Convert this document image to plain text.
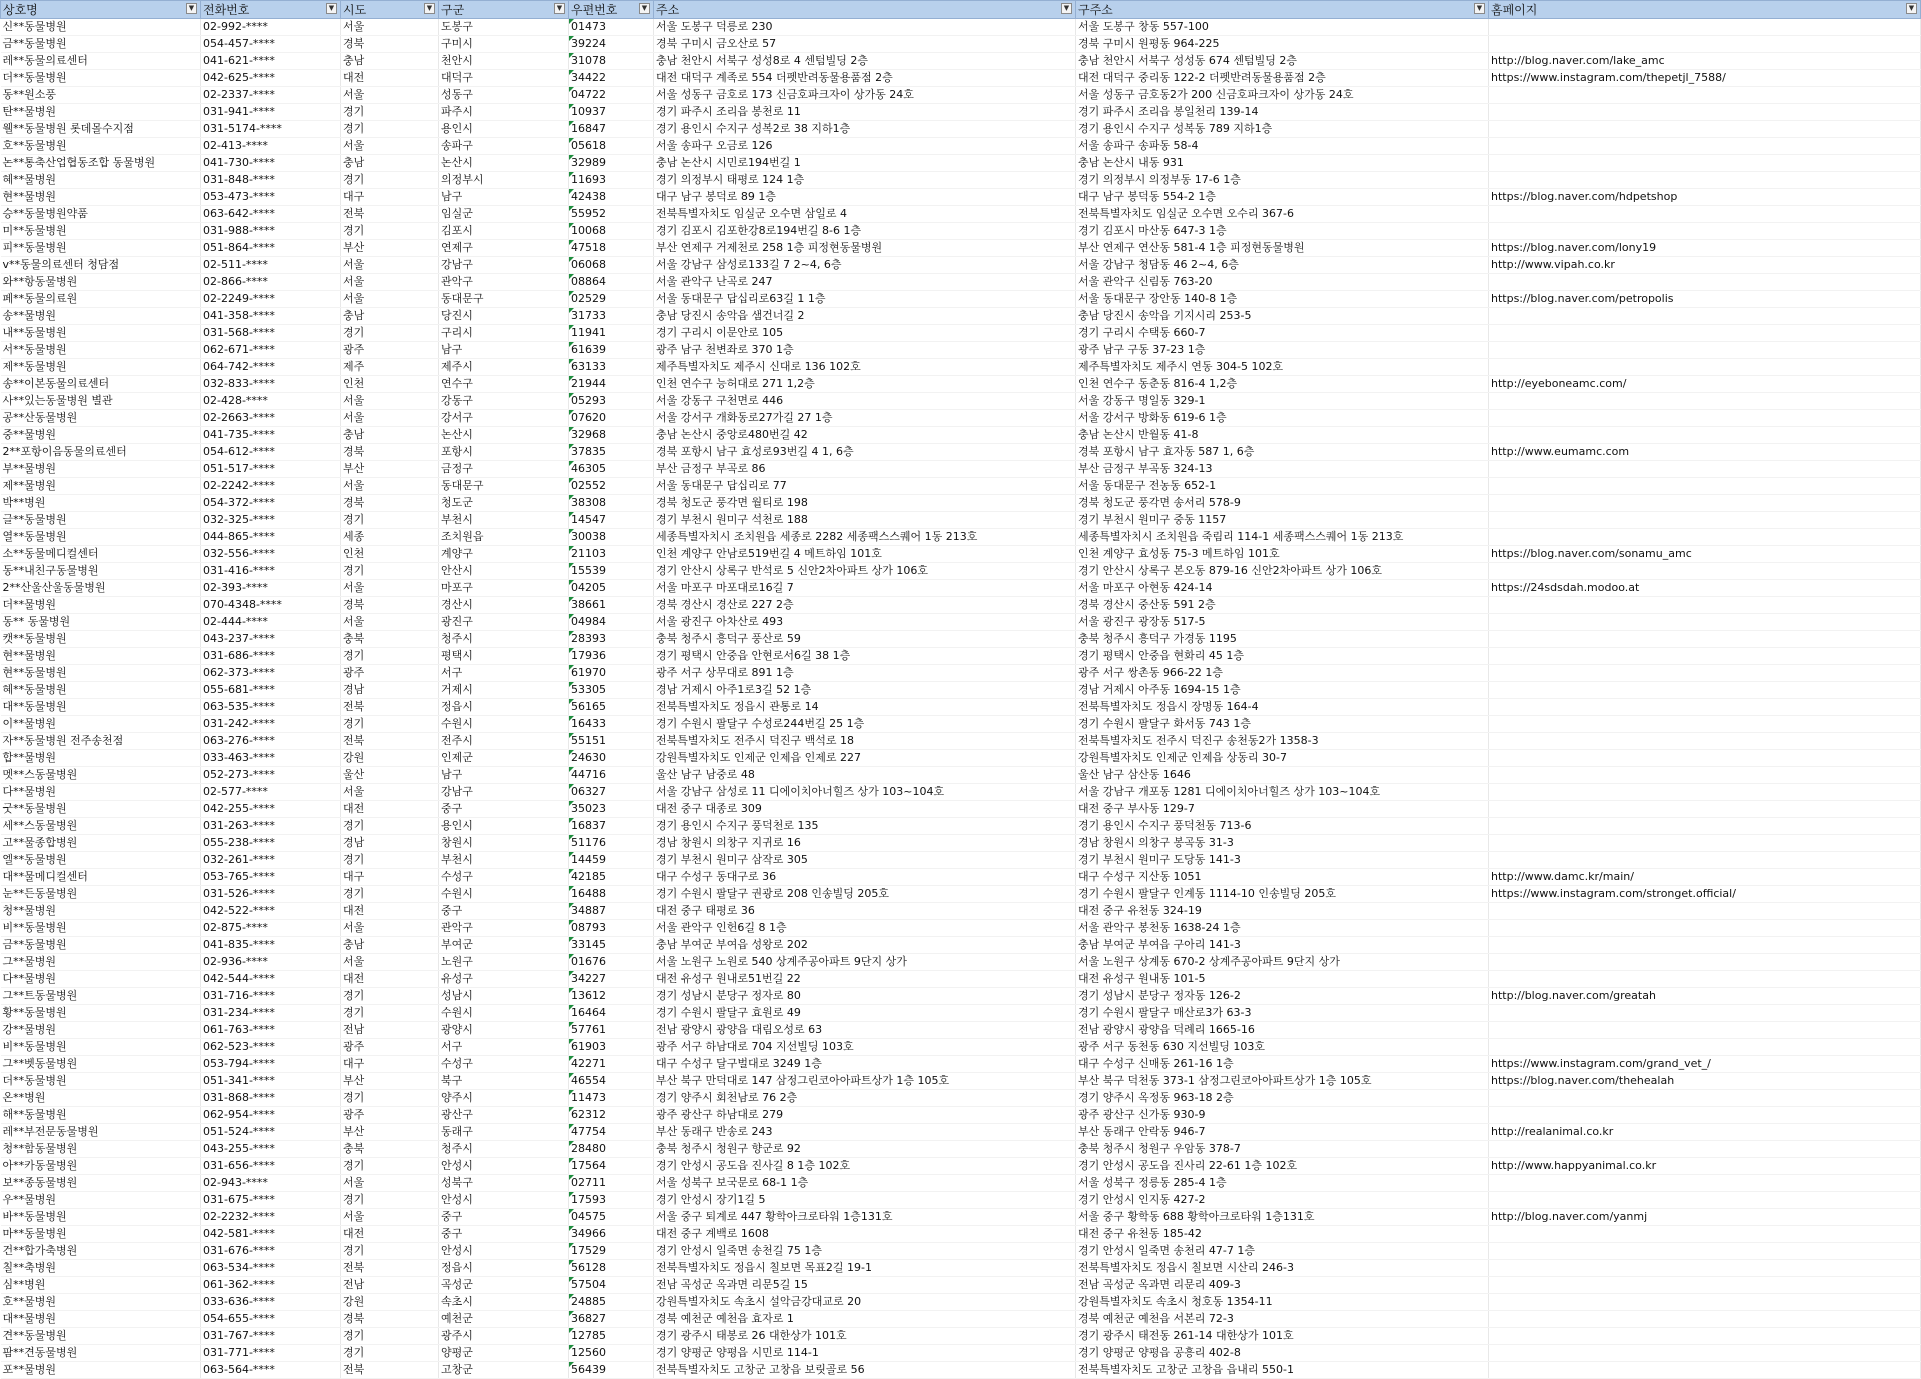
상호명 ▼	전화번호 ▼	시도 ▼	구군 ▼	우편번호 ▼	주소 ▼	구주소 ▼	홈페이지 ▼

신**동물병원	02-992-****	서울	도봉구	01473	서울 도봉구 덕릉로 230	서울 도봉구 창동 557-100	
금**동물병원	054-457-****	경북	구미시	39224	경북 구미시 금오산로 57	경북 구미시 원평동 964-225	
레**동물의료센터	041-621-****	충남	천안시	31078	충남 천안시 서북구 성성8로 4 센텀빌딩 2층	충남 천안시 서북구 성성동 674 센텀빌딩 2층	http://blog.naver.com/lake_amc
더**동물병원	042-625-****	대전	대덕구	34422	대전 대덕구 계족로 554 더펫반려동물용품점 2층	대전 대덕구 중리동 122-2 더펫반려동물용품점 2층	https://www.instagram.com/thepetjl_7588/
동**원소풍	02-2337-****	서울	성동구	04722	서울 성동구 금호로 173 신금호파크자이 상가동 24호	서울 성동구 금호동2가 200 신금호파크자이 상가동 24호	
탄**물병원	031-941-****	경기	파주시	10937	경기 파주시 조리읍 봉천로 11	경기 파주시 조리읍 봉일천리 139-14	
웰**동물병원 롯데몰수지점	031-5174-****	경기	용인시	16847	경기 용인시 수지구 성복2로 38 지하1층	경기 용인시 수지구 성복동 789 지하1층	
호**동물병원	02-413-****	서울	송파구	05618	서울 송파구 오금로 126	서울 송파구 송파동 58-4	
논**통축산업협동조합 동물병원	041-730-****	충남	논산시	32989	충남 논산시 시민로194번길 1	충남 논산시 내동 931	
혜**물병원	031-848-****	경기	의정부시	11693	경기 의정부시 태평로 124 1층	경기 의정부시 의정부동 17-6 1층	
현**물병원	053-473-****	대구	남구	42438	대구 남구 봉덕로 89 1층	대구 남구 봉덕동 554-2 1층	https://blog.naver.com/hdpetshop
승**동물병원약품	063-642-****	전북	임실군	55952	전북특별자치도 임실군 오수면 삼일로 4	전북특별자치도 임실군 오수면 오수리 367-6	
미**동물병원	031-988-****	경기	김포시	10068	경기 김포시 김포한강8로194번길 8-6 1층	경기 김포시 마산동 647-3 1층	
피**동물병원	051-864-****	부산	연제구	47518	부산 연제구 거제천로 258 1층 피정현동물병원	부산 연제구 연산동 581-4 1층 피정현동물병원	https://blog.naver.com/lony19
v**동물의료센터 청담점	02-511-****	서울	강남구	06068	서울 강남구 삼성로133길 7 2~4, 6층	서울 강남구 청담동 46 2~4, 6층	http://www.vipah.co.kr
와**항동물병원	02-866-****	서울	관악구	08864	서울 관악구 난곡로 247	서울 관악구 신림동 763-20	
페**동물의료원	02-2249-****	서울	동대문구	02529	서울 동대문구 답십리로63길 1 1층	서울 동대문구 장안동 140-8 1층	https://blog.naver.com/petropolis
송**물병원	041-358-****	충남	당진시	31733	충남 당진시 송악읍 샘건너길 2	충남 당진시 송악읍 기지시리 253-5	
내**동물병원	031-568-****	경기	구리시	11941	경기 구리시 이문안로 105	경기 구리시 수택동 660-7	
서**동물병원	062-671-****	광주	남구	61639	광주 남구 천변좌로 370 1층	광주 남구 구동 37-23 1층	
제**동물병원	064-742-****	제주	제주시	63133	제주특별자치도 제주시 신대로 136 102호	제주특별자치도 제주시 연동 304-5 102호	
송**이본동물의료센터	032-833-****	인천	연수구	21944	인천 연수구 능허대로 271 1,2층	인천 연수구 동춘동 816-4 1,2층	http://eyeboneamc.com/
사**있는동물병원 별관	02-428-****	서울	강동구	05293	서울 강동구 구천면로 446	서울 강동구 명일동 329-1	
공**산동물병원	02-2663-****	서울	강서구	07620	서울 강서구 개화동로27가길 27 1층	서울 강서구 방화동 619-6 1층	
중**물병원	041-735-****	충남	논산시	32968	충남 논산시 중앙로480번길 42	충남 논산시 반월동 41-8	
2**포항이음동물의료센터	054-612-****	경북	포항시	37835	경북 포항시 남구 효성로93번길 4 1, 6층	경북 포항시 남구 효자동 587 1, 6층	http://www.eumamc.com
부**물병원	051-517-****	부산	금정구	46305	부산 금정구 부곡로 86	부산 금정구 부곡동 324-13	
제**물병원	02-2242-****	서울	동대문구	02552	서울 동대문구 답십리로 77	서울 동대문구 전농동 652-1	
박**병원	054-372-****	경북	청도군	38308	경북 청도군 풍각면 월티로 198	경북 청도군 풍각면 송서리 578-9	
글**동물병원	032-325-****	경기	부천시	14547	경기 부천시 원미구 석천로 188	경기 부천시 원미구 중동 1157	
열**동물병원	044-865-****	세종	조치원읍	30038	세종특별자치시 조치원읍 세종로 2282 세종팩스스퀘어 1동 213호	세종특별자치시 조치원읍 죽림리 114-1 세종팩스스퀘어 1동 213호	
소**동물메디컬센터	032-556-****	인천	계양구	21103	인천 계양구 안남로519번길 4 메트하임 101호	인천 계양구 효성동 75-3 메트하임 101호	https://blog.naver.com/sonamu_amc
동**내친구동물병원	031-416-****	경기	안산시	15539	경기 안산시 상록구 반석로 5 신안2차아파트 상가 106호	경기 안산시 상록구 본오동 879-16 신안2차아파트 상가 106호	
2**산울산울동물병원	02-393-****	서울	마포구	04205	서울 마포구 마포대로16길 7	서울 마포구 아현동 424-14	https://24sdsdah.modoo.at
더**물병원	070-4348-****	경북	경산시	38661	경북 경산시 경산로 227 2층	경북 경산시 중산동 591 2층	
동** 동물병원	02-444-****	서울	광진구	04984	서울 광진구 아차산로 493	서울 광진구 광장동 517-5	
캣**동물병원	043-237-****	충북	청주시	28393	충북 청주시 흥덕구 풍산로 59	충북 청주시 흥덕구 가경동 1195	
현**물병원	031-686-****	경기	평택시	17936	경기 평택시 안중읍 안현로서6길 38 1층	경기 평택시 안중읍 현화리 45 1층	
현**동물병원	062-373-****	광주	서구	61970	광주 서구 상무대로 891 1층	광주 서구 쌍촌동 966-22 1층	
혜**동물병원	055-681-****	경남	거제시	53305	경남 거제시 아주1로3길 52 1층	경남 거제시 아주동 1694-15 1층	
대**동물병원	063-535-****	전북	정읍시	56165	전북특별자치도 정읍시 관통로 14	전북특별자치도 정읍시 장명동 164-4	
이**물병원	031-242-****	경기	수원시	16433	경기 수원시 팔달구 수성로244번길 25 1층	경기 수원시 팔달구 화서동 743 1층	
자**동물병원 전주송천점	063-276-****	전북	전주시	55151	전북특별자치도 전주시 덕진구 백석로 18	전북특별자치도 전주시 덕진구 송천동2가 1358-3	
합**물병원	033-463-****	강원	인제군	24630	강원특별자치도 인제군 인제읍 인제로 227	강원특별자치도 인제군 인제읍 상동리 30-7	
멧**스동물병원	052-273-****	울산	남구	44716	울산 남구 남중로 48	울산 남구 삼산동 1646	
다**물병원	02-577-****	서울	강남구	06327	서울 강남구 삼성로 11 디에이치아너힐즈 상가 103~104호	서울 강남구 개포동 1281 디에이치아너힐즈 상가 103~104호	
굿**동물병원	042-255-****	대전	중구	35023	대전 중구 대종로 309	대전 중구 부사동 129-7	
세**스동물병원	031-263-****	경기	용인시	16837	경기 용인시 수지구 풍덕천로 135	경기 용인시 수지구 풍덕천동 713-6	
고**물종합병원	055-238-****	경남	창원시	51176	경남 창원시 의창구 지귀로 16	경남 창원시 의창구 봉곡동 31-3	
엘**동물병원	032-261-****	경기	부천시	14459	경기 부천시 원미구 삼작로 305	경기 부천시 원미구 도당동 141-3	
대**물메디컬센터	053-765-****	대구	수성구	42185	대구 수성구 동대구로 36	대구 수성구 지산동 1051	http://www.damc.kr/main/
눈**든동물병원	031-526-****	경기	수원시	16488	경기 수원시 팔달구 권광로 208 인송빌딩 205호	경기 수원시 팔달구 인계동 1114-10 인송빌딩 205호	https://www.instagram.com/stronget.official/
청**물병원	042-522-****	대전	중구	34887	대전 중구 태평로 36	대전 중구 유천동 324-19	
비**동물병원	02-875-****	서울	관악구	08793	서울 관악구 인헌6길 8 1층	서울 관악구 봉천동 1638-24 1층	
금**동물병원	041-835-****	충남	부여군	33145	충남 부여군 부여읍 성왕로 202	충남 부여군 부여읍 구아리 141-3	
그**물병원	02-936-****	서울	노원구	01676	서울 노원구 노원로 540 상계주공아파트 9단지 상가	서울 노원구 상계동 670-2 상계주공아파트 9단지 상가	
다**물병원	042-544-****	대전	유성구	34227	대전 유성구 원내로51번길 22	대전 유성구 원내동 101-5	
그**트동물병원	031-716-****	경기	성남시	13612	경기 성남시 분당구 정자로 80	경기 성남시 분당구 정자동 126-2	http://blog.naver.com/greatah
황**동물병원	031-234-****	경기	수원시	16464	경기 수원시 팔달구 효원로 49	경기 수원시 팔달구 매산로3가 63-3	
강**물병원	061-763-****	전남	광양시	57761	전남 광양시 광양읍 대림오성로 63	전남 광양시 광양읍 덕례리 1665-16	
비**동물병원	062-523-****	광주	서구	61903	광주 서구 하남대로 704 지선빌딩 103호	광주 서구 동천동 630 지선빌딩 103호	
그**벳동물병원	053-794-****	대구	수성구	42271	대구 수성구 달구벌대로 3249 1층	대구 수성구 신매동 261-16 1층	https://www.instagram.com/grand_vet_/
더**동물병원	051-341-****	부산	북구	46554	부산 북구 만덕대로 147 삼정그린코아아파트상가 1층 105호	부산 북구 덕천동 373-1 삼정그린코아아파트상가 1층 105호	https://blog.naver.com/thehealah
온**병원	031-868-****	경기	양주시	11473	경기 양주시 회천남로 76 2층	경기 양주시 옥정동 963-18 2층	
해**동물병원	062-954-****	광주	광산구	62312	광주 광산구 하남대로 279	광주 광산구 신가동 930-9	
레**부전문동물병원	051-524-****	부산	동래구	47754	부산 동래구 반송로 243	부산 동래구 안락동 946-7	http://realanimal.co.kr
청**함동물병원	043-255-****	충북	청주시	28480	충북 청주시 청원구 향군로 92	충북 청주시 청원구 우암동 378-7	
아**카동물병원	031-656-****	경기	안성시	17564	경기 안성시 공도읍 진사길 8 1층 102호	경기 안성시 공도읍 진사리 22-61 1층 102호	http://www.happyanimal.co.kr
보**종동물병원	02-943-****	서울	성북구	02711	서울 성북구 보국문로 68-1 1층	서울 성북구 정릉동 285-4 1층	
우**물병원	031-675-****	경기	안성시	17593	경기 안성시 장기1길 5	경기 안성시 인지동 427-2	
바**동물병원	02-2232-****	서울	중구	04575	서울 중구 퇴계로 447 황학아크로타워 1층131호	서울 중구 황학동 688 황학아크로타워 1층131호	http://blog.naver.com/yanmj
마**동물병원	042-581-****	대전	중구	34966	대전 중구 계백로 1608	대전 중구 유천동 185-42	
건**합가축병원	031-676-****	경기	안성시	17529	경기 안성시 일죽면 송천길 75 1층	경기 안성시 일죽면 송천리 47-7 1층	
칠**축병원	063-534-****	전북	정읍시	56128	전북특별자치도 정읍시 칠보면 목표2길 19-1	전북특별자치도 정읍시 칠보면 시산리 246-3	
심**병원	061-362-****	전남	곡성군	57504	전남 곡성군 옥과면 리문5길 15	전남 곡성군 옥과면 리문리 409-3	
호**물병원	033-636-****	강원	속초시	24885	강원특별자치도 속초시 설악금강대교로 20	강원특별자치도 속초시 청호동 1354-11	
대**물병원	054-655-****	경북	예천군	36827	경북 예천군 예천읍 효자로 1	경북 예천군 예천읍 서본리 72-3	
견**동물병원	031-767-****	경기	광주시	12785	경기 광주시 태봉로 26 대한상가 101호	경기 광주시 태전동 261-14 대한상가 101호	
팜**견동물병원	031-771-****	경기	양평군	12560	경기 양평군 양평읍 시민로 114-1	경기 양평군 양평읍 공흥리 402-8	
포**물병원	063-564-****	전북	고창군	56439	전북특별자치도 고창군 고창읍 보릿골로 56	전북특별자치도 고창군 고창읍 읍내리 550-1	
